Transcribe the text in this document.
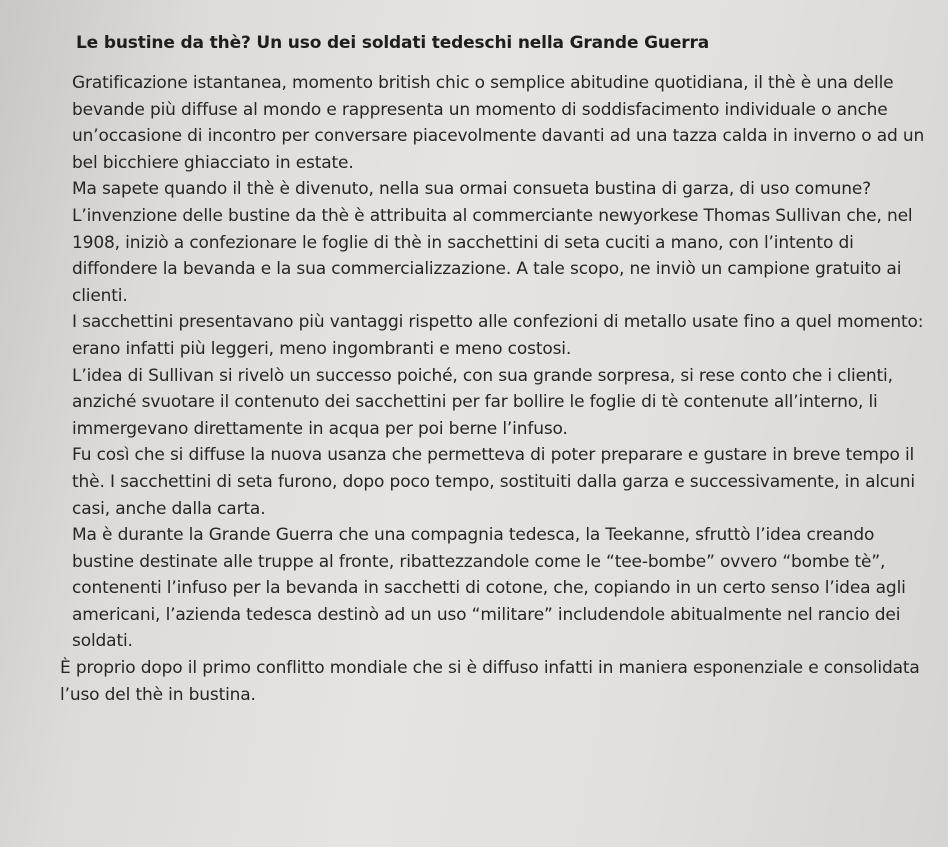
Le bustine da thè? Un uso dei soldati tedeschi nella Grande Guerra

Gratificazione istantanea, momento british chic o semplice abitudine quotidiana, il thè è una delle bevande più diffuse al mondo e rappresenta un momento di soddisfacimento individuale o anche un’occasione di incontro per conversare piacevolmente davanti ad una tazza calda in inverno o ad un bel bicchiere ghiacciato in estate.

Ma sapete quando il thè è divenuto, nella sua ormai consueta bustina di garza, di uso comune?

L’invenzione delle bustine da thè è attribuita al commerciante newyorkese Thomas Sullivan che, nel 1908, iniziò a confezionare le foglie di thè in sacchettini di seta cuciti a mano, con l’intento di diffondere la bevanda e la sua commercializzazione. A tale scopo, ne inviò un campione gratuito ai clienti.

I sacchettini presentavano più vantaggi rispetto alle confezioni di metallo usate fino a quel momento: erano infatti più leggeri, meno ingombranti e meno costosi.

L’idea di Sullivan si rivelò un successo poiché, con sua grande sorpresa, si rese conto che i clienti, anziché svuotare il contenuto dei sacchettini per far bollire le foglie di tè contenute all’interno, li immergevano direttamente in acqua per poi berne l’infuso.

Fu così che si diffuse la nuova usanza che permetteva di poter preparare e gustare in breve tempo il thè. I sacchettini di seta furono, dopo poco tempo, sostituiti dalla garza e successivamente, in alcuni casi, anche dalla carta.

Ma è durante la Grande Guerra che una compagnia tedesca, la Teekanne, sfruttò l’idea creando bustine destinate alle truppe al fronte, ribattezzandole come le “tee-bombe” ovvero “bombe tè”, contenenti l’infuso per la bevanda in sacchetti di cotone, che, copiando in un certo senso l’idea agli americani, l’azienda tedesca destinò ad un uso “militare” includendole abitualmente nel rancio dei soldati.

È proprio dopo il primo conflitto mondiale che si è diffuso infatti in maniera esponenziale e consolidata l’uso del thè in bustina.
